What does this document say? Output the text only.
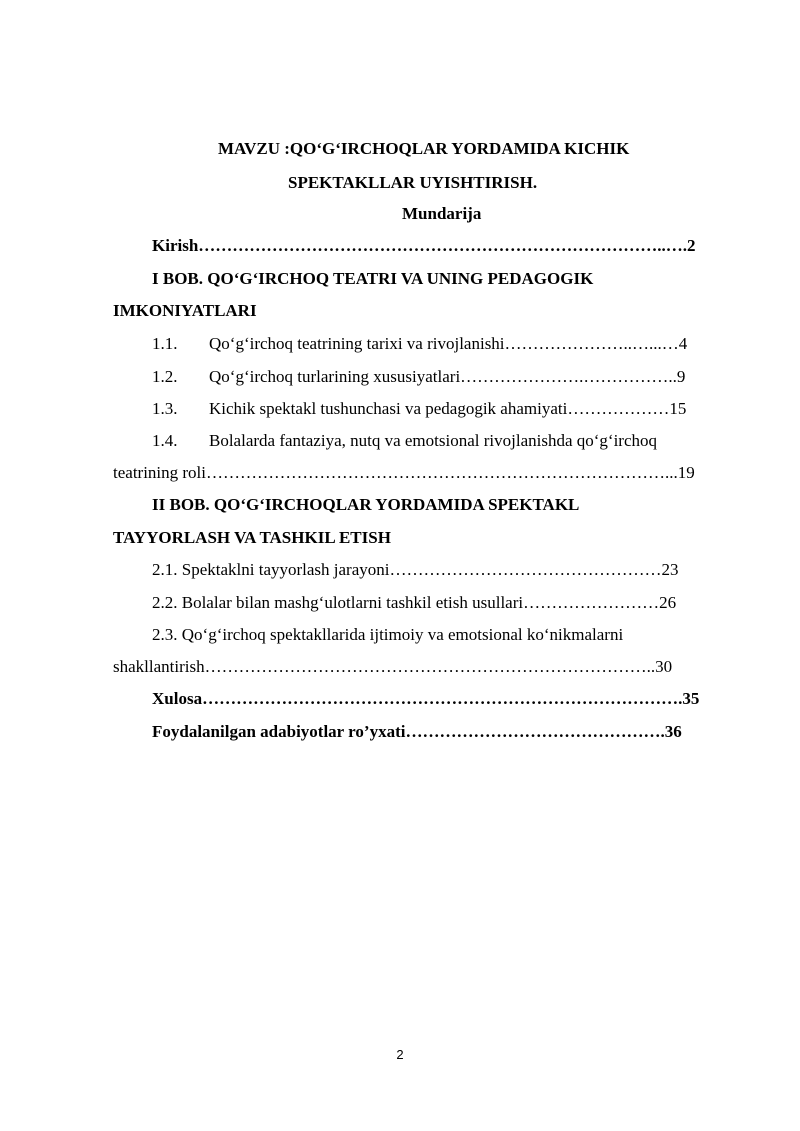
MAVZU :QO‘G‘IRCHOQLAR YORDAMIDA KICHIK
SPEKTAKLLAR UYISHTIRISH.
Mundarija
Kirish………………………………………………………………………..….2
I BOB. QO‘G‘IRCHOQ TEATRI VA UNING PEDAGOGIK
IMKONIYATLARI
1.1. Qo‘g‘irchoq teatrining tarixi va rivojlanishi…………………..…...…4
1.2. Qo‘g‘irchoq turlarining xususiyatlari………………….……………..9
1.3. Kichik spektakl tushunchasi va pedagogik ahamiyati………………15
1.4. Bolalarda fantaziya, nutq va emotsional rivojlanishda qo‘g‘irchoq
teatrining roli………………………………………………………………………...19
II BOB. QO‘G‘IRCHOQLAR YORDAMIDA SPEKTAKL
TAYYORLASH VA TASHKIL ETISH
2.1. Spektaklni tayyorlash jarayoni…………………………………………23
2.2. Bolalar bilan mashg‘ulotlarni tashkil etish usullari……………………26
2.3. Qo‘g‘irchoq spektakllarida ijtimoiy va emotsional ko‘nikmalarni
shakllantirish……………………………………………………………………..30
Xulosa………………………………………………………………………….35
Foydalanilgan adabiyotlar ro’yxati……………………………………….36
2
